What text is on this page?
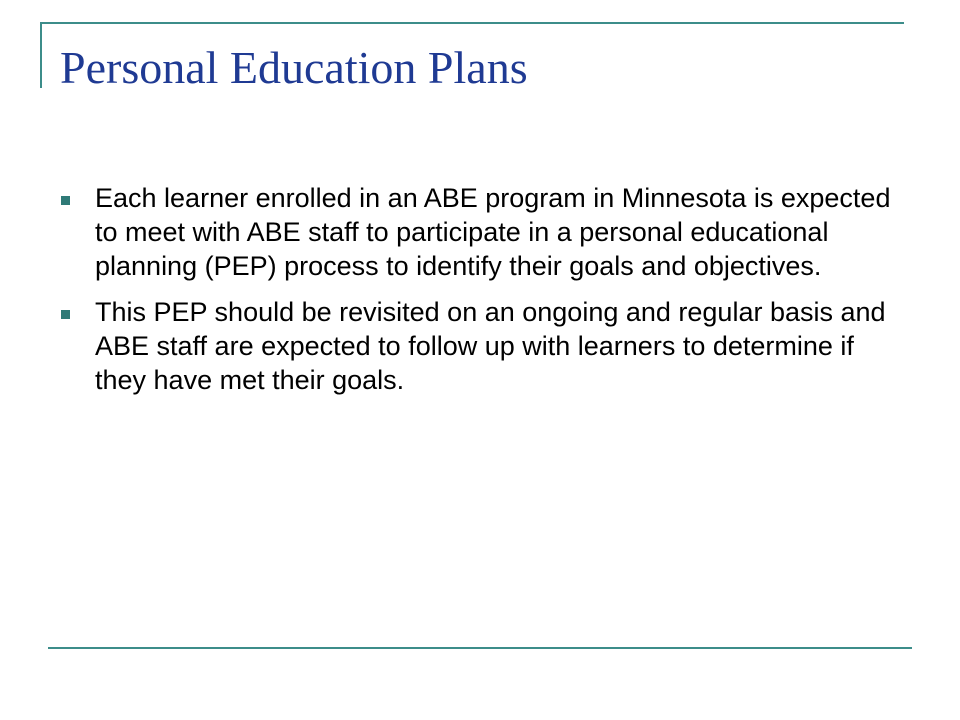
Personal Education Plans
Each learner enrolled in an ABE program in Minnesota is expected to meet with ABE staff to participate in a personal educational planning (PEP) process to identify their goals and objectives.
This PEP should be revisited on an ongoing and regular basis and ABE staff are expected to follow up with learners to determine if they have met their goals.
